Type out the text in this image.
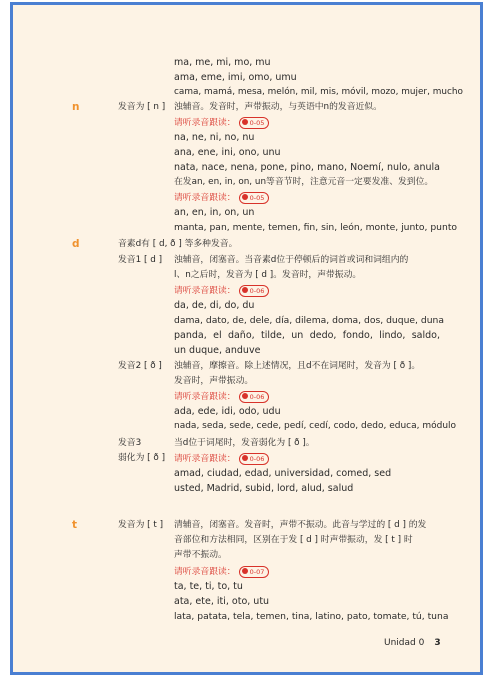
ma, me, mi, mo, mu
ama, eme, imi, omo, umu
cama, mamá, mesa, melón, mil, mis, móvil, mozo, mujer, mucho
n	发音为 [ n ] 浊辅音。发音时，声带振动，与英语中n的发音近似。
请听录音跟读： 0-05
na, ne, ni, no, nu
ana, ene, ini, ono, unu
nata, nace, nena, pone, pino, mano, Noemí, nulo, anula
在发an, en, in, on, un等音节时，注意元音一定要发准、发到位。
请听录音跟读： 0-05
an, en, in, on, un
manta, pan, mente, temen, fin, sin, león, monte, junto, punto
d	音素d有 [ d, ð ] 等多种发音。
发音1 [ d ] 浊辅音，闭塞音。当音素d位于停顿后的词首或词和词组内的
l、n之后时，发音为 [ d ]。发音时，声带振动。
请听录音跟读： 0-06
da, de, di, do, du
dama, dato, de, dele, día, dilema, doma, dos, duque, duna
panda, el daño, tilde, un dedo, fondo, lindo, saldo,
un duque, anduve
发音2 [ ð ] 浊辅音，摩擦音。除上述情况，且d不在词尾时，发音为 [ ð ]。
发音时，声带振动。
请听录音跟读： 0-06
ada, ede, idi, odo, udu
nada, seda, sede, cede, pedí, cedí, codo, dedo, educa, módulo
发音3	当d位于词尾时，发音弱化为 [ ð ]。
弱化为 [ ð ] 请听录音跟读： 0-06
amad, ciudad, edad, universidad, comed, sed
usted, Madrid, subid, lord, alud, salud
t	发音为 [ t ] 清辅音，闭塞音。发音时，声带不振动。此音与学过的 [ d ] 的发
音部位和方法相同，区别在于发 [ d ] 时声带振动，发 [ t ] 时
声带不振动。
请听录音跟读： 0-07
ta, te, ti, to, tu
ata, ete, iti, oto, utu
lata, patata, tela, temen, tina, latino, pato, tomate, tú, tuna
Unidad 0 3
